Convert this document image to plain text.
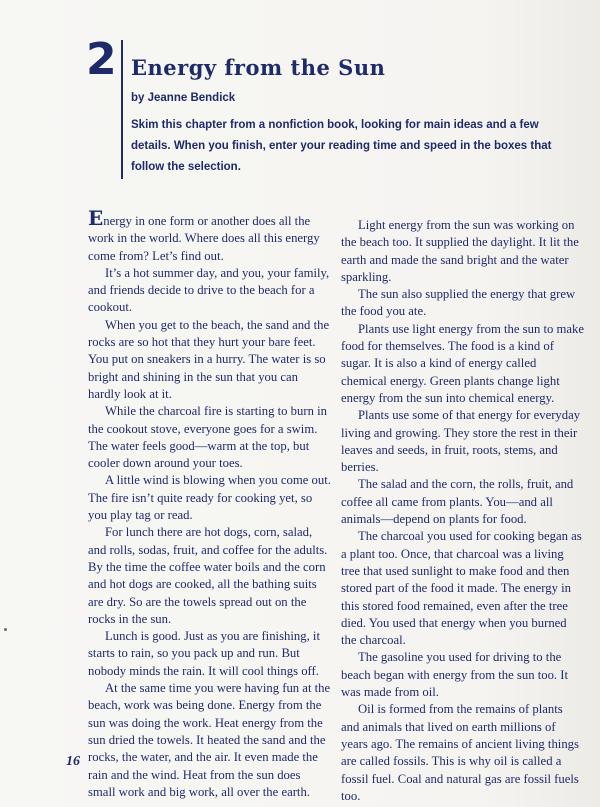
2 Energy from the Sun
by Jeanne Bendick
Skim this chapter from a nonfiction book, looking for main ideas and a few details. When you finish, enter your reading time and speed in the boxes that follow the selection.

Energy in one form or another does all the work in the world. Where does all this energy come from? Let’s find out.

It’s a hot summer day, and you, your family, and friends decide to drive to the beach for a cookout.

When you get to the beach, the sand and the rocks are so hot that they hurt your bare feet. You put on sneakers in a hurry. The water is so bright and shining in the sun that you can hardly look at it.

While the charcoal fire is starting to burn in the cookout stove, everyone goes for a swim. The water feels good—warm at the top, but cooler down around your toes.

A little wind is blowing when you come out. The fire isn’t quite ready for cooking yet, so you play tag or read.

For lunch there are hot dogs, corn, salad, and rolls, sodas, fruit, and coffee for the adults. By the time the coffee water boils and the corn and hot dogs are cooked, all the bathing suits are dry. So are the towels spread out on the rocks in the sun.

Lunch is good. Just as you are finishing, it starts to rain, so you pack up and run. But nobody minds the rain. It will cool things off.

At the same time you were having fun at the beach, work was being done. Energy from the sun was doing the work. Heat energy from the sun dried the towels. It heated the sand and the rocks, the water, and the air. It even made the rain and the wind. Heat from the sun does small work and big work, all over the earth.

Light energy from the sun was working on the beach too. It supplied the daylight. It lit the earth and made the sand bright and the water sparkling.

The sun also supplied the energy that grew the food you ate.

Plants use light energy from the sun to make food for themselves. The food is a kind of sugar. It is also a kind of energy called chemical energy. Green plants change light energy from the sun into chemical energy.

Plants use some of that energy for everyday living and growing. They store the rest in their leaves and seeds, in fruit, roots, stems, and berries.

The salad and the corn, the rolls, fruit, and coffee all came from plants. You—and all animals—depend on plants for food.

The charcoal you used for cooking began as a plant too. Once, that charcoal was a living tree that used sunlight to make food and then stored part of the food it made. The energy in this stored food remained, even after the tree died. You used that energy when you burned the charcoal.

The gasoline you used for driving to the beach began with energy from the sun too. It was made from oil.

Oil is formed from the remains of plants and animals that lived on earth millions of years ago. The remains of ancient living things are called fossils. This is why oil is called a fossil fuel. Coal and natural gas are fossil fuels too.

16
